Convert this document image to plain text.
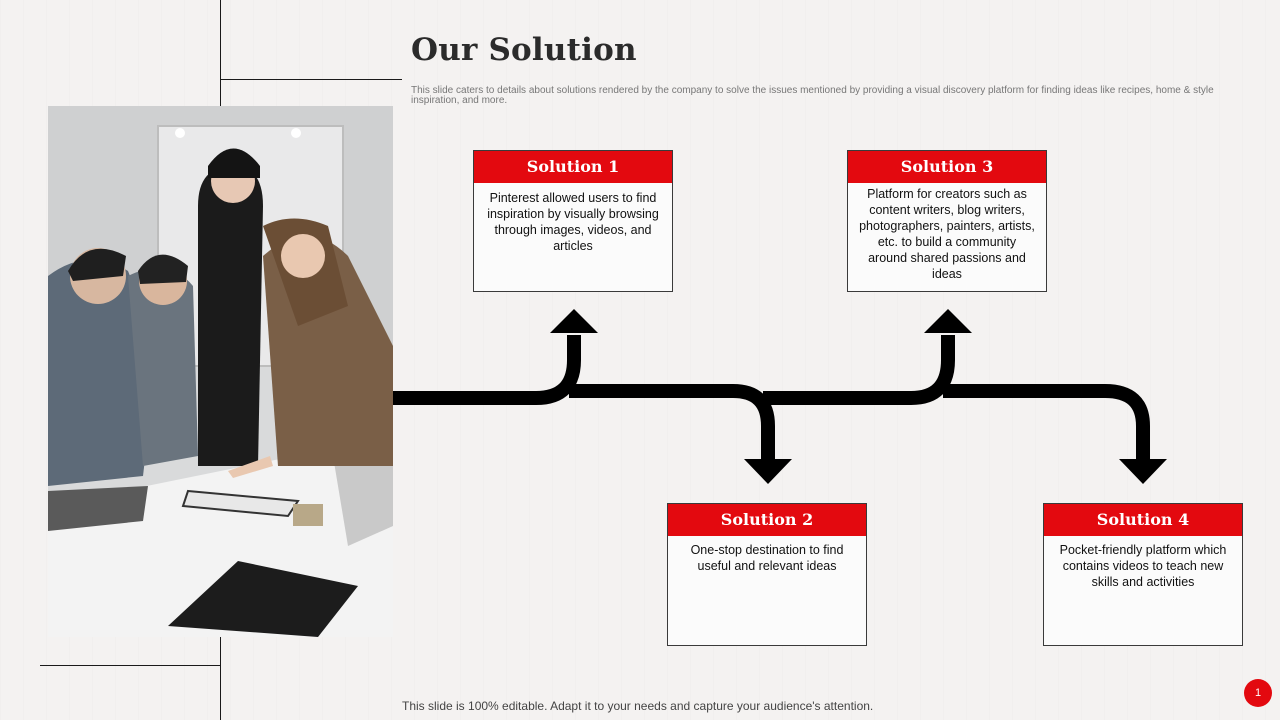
Our Solution
This slide caters to details about solutions rendered by the company to solve the issues mentioned by providing a visual discovery platform for finding ideas like recipes, home & style inspiration, and more.
Solution 1
Pinterest allowed users to find inspiration by visually browsing through images, videos, and articles
Solution 3
Platform for creators such as content writers, blog writers, photographers, painters, artists, etc. to build a community around shared passions and ideas
Solution 2
One-stop destination to find useful and relevant ideas
Solution 4
Pocket-friendly platform which contains videos to teach new skills and activities
This slide is 100% editable. Adapt it to your needs and capture your audience's attention.
1
